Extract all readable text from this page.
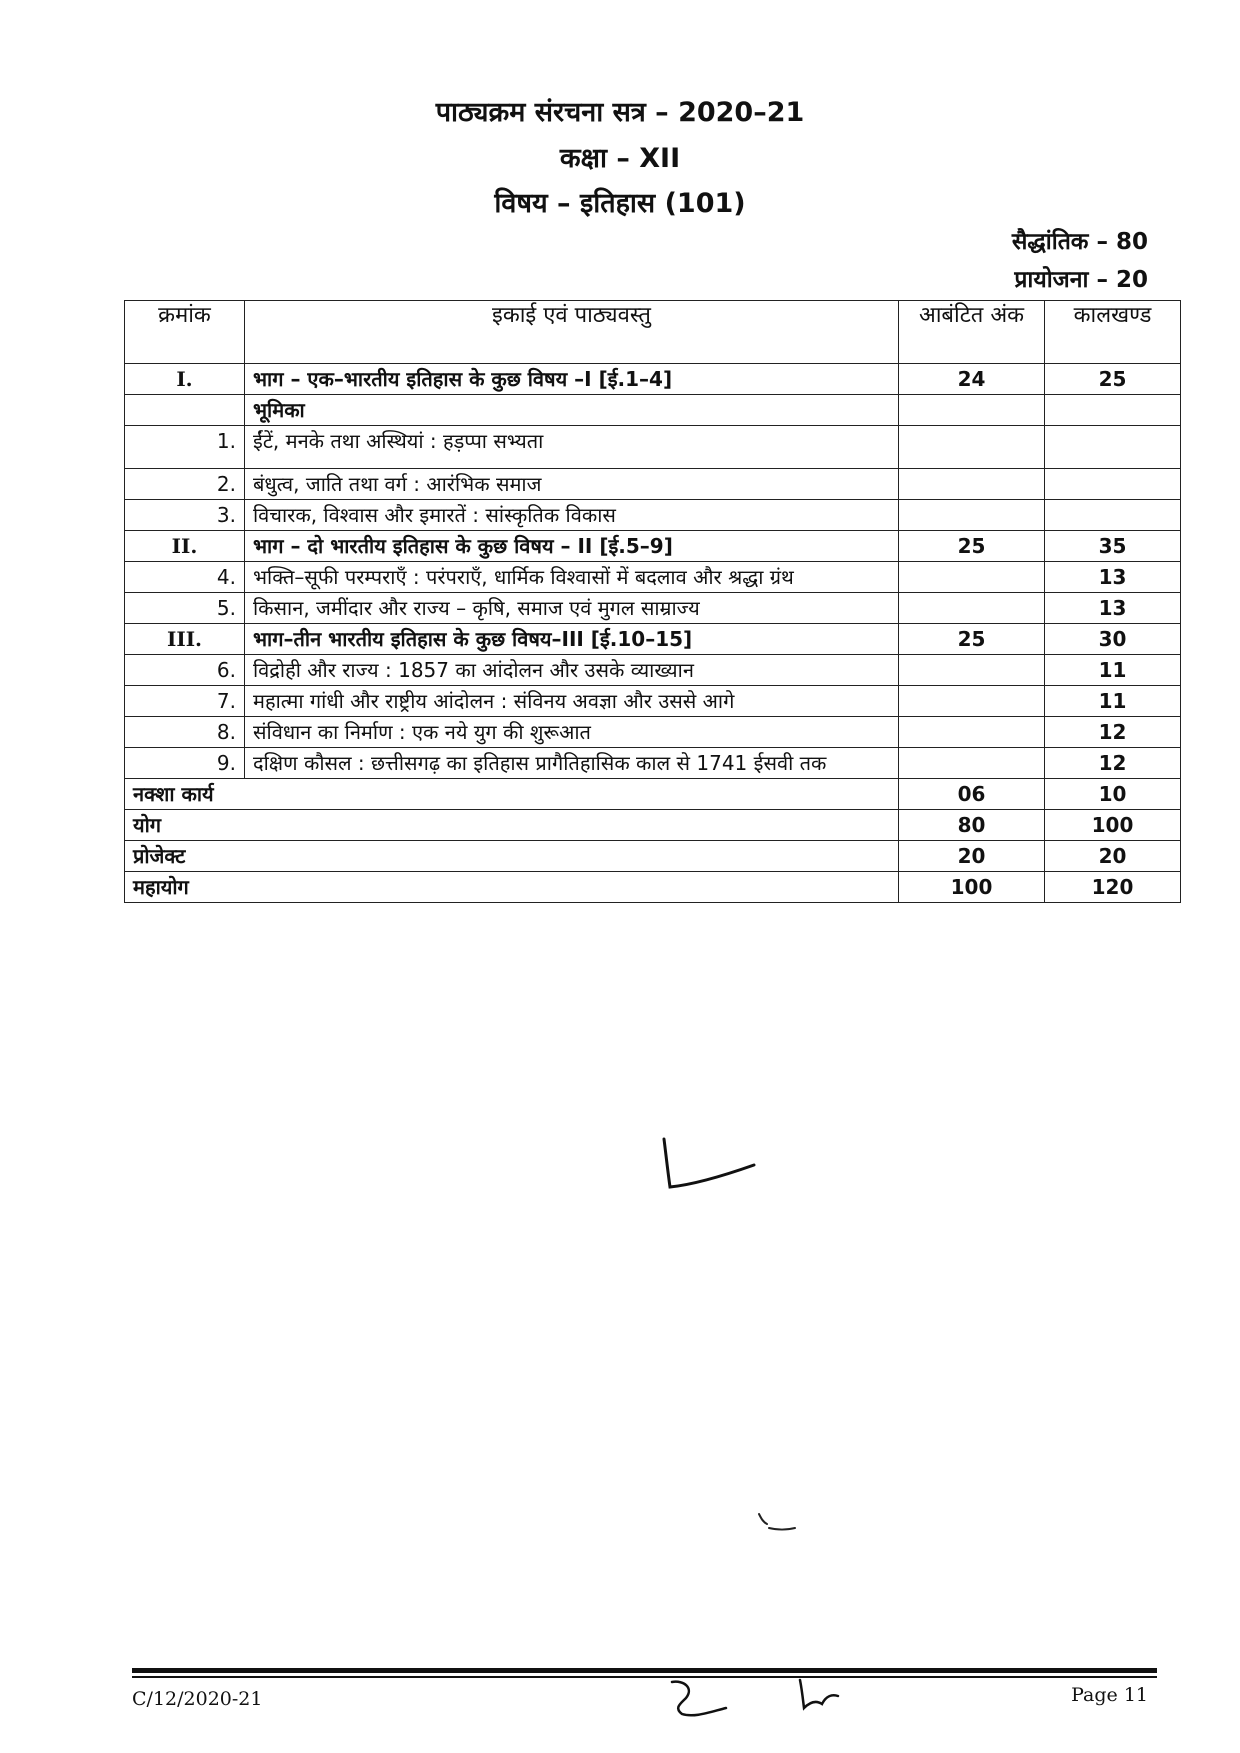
पाठ्यक्रम संरचना सत्र – 2020–21
कक्षा – XII
विषय – इतिहास (101)
सैद्धांतिक – 80
प्रायोजना – 20
क्रमांक	इकाई एवं पाठ्यवस्तु	आबंटित अंक	कालखण्ड
I.	भाग – एक–भारतीय इतिहास के कुछ विषय –I [ई.1–4]	24	25
	भूमिका		
1.	ईंटें, मनके तथा अस्थियां : हड़प्पा सभ्यता		
2.	बंधुत्व, जाति तथा वर्ग : आरंभिक समाज		
3.	विचारक, विश्वास और इमारतें : सांस्कृतिक विकास		
II.	भाग – दो भारतीय इतिहास के कुछ विषय – II [ई.5–9]	25	35
4.	भक्ति–सूफी परम्पराएँ : परंपराएँ, धार्मिक विश्वासों में बदलाव और श्रद्धा ग्रंथ		13
5.	किसान, जमींदार और राज्य – कृषि, समाज एवं मुगल साम्राज्य		13
III.	भाग–तीन भारतीय इतिहास के कुछ विषय–III [ई.10–15]	25	30
6.	विद्रोही और राज्य : 1857 का आंदोलन और उसके व्याख्यान		11
7.	महात्मा गांधी और राष्ट्रीय आंदोलन : संविनय अवज्ञा और उससे आगे		11
8.	संविधान का निर्माण : एक नये युग की शुरूआत		12
9.	दक्षिण कौसल : छत्तीसगढ़ का इतिहास प्रागैतिहासिक काल से 1741 ईसवी तक		12
नक्शा कार्य		06	10
योग		80	100
प्रोजेक्ट		20	20
महायोग		100	120
C/12/2020-21	Page 11
